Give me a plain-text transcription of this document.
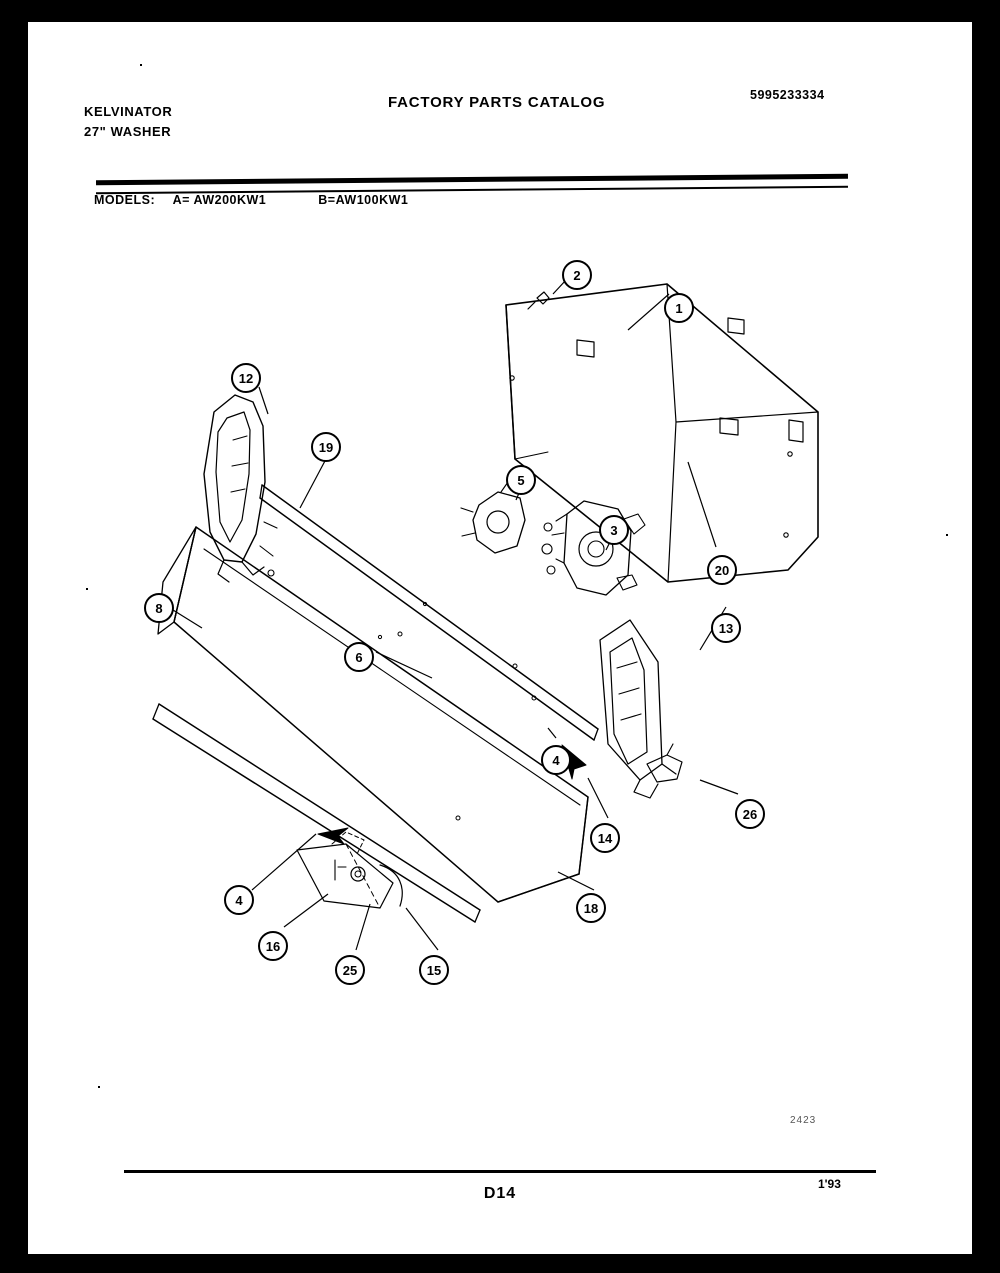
KELVINATOR
27" WASHER
FACTORY PARTS CATALOG	5995233334
MODELS: A= AW200KW1	B=AW100KW1
1
2
3
4
5
6
8
12
13
14
15
16
18
19
20
25
26
4
2423
D14
1'93
